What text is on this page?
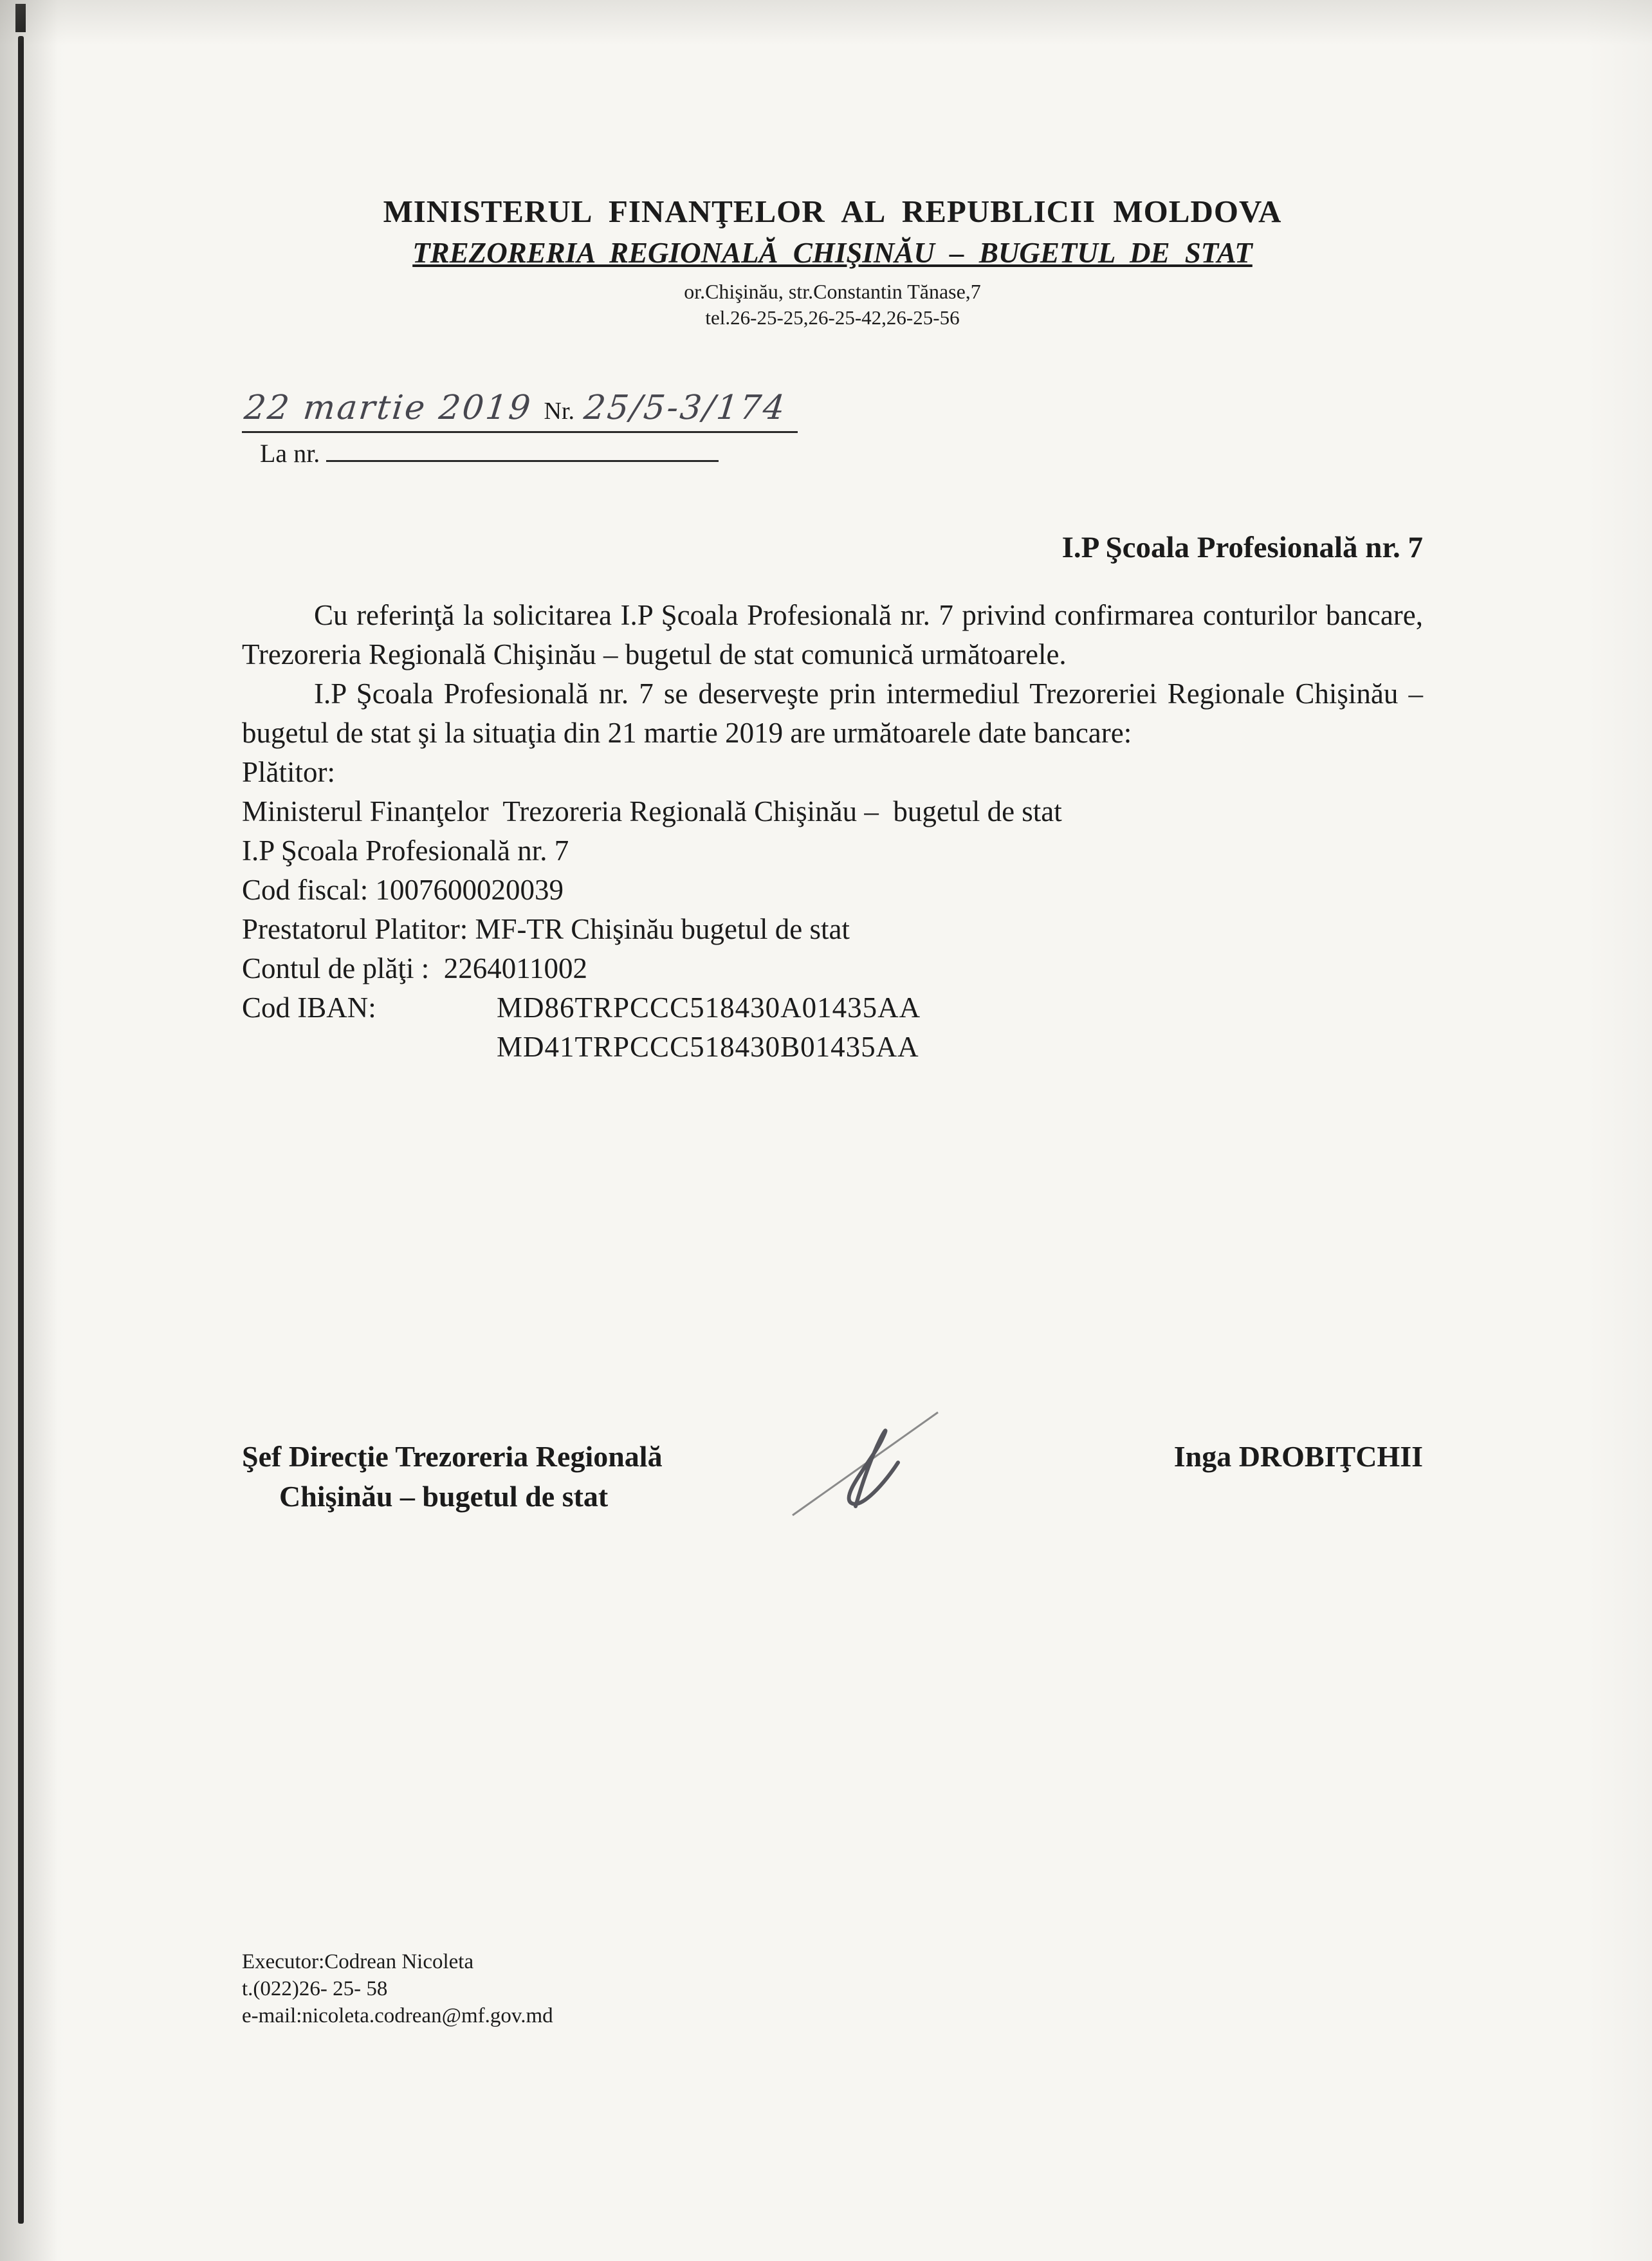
MINISTERUL FINANŢELOR AL REPUBLICII MOLDOVA
TREZORERIA REGIONALĂ CHIŞINĂU – BUGETUL DE STAT
or.Chişinău, str.Constantin Tănase,7
tel.26-25-25,26-25-42,26-25-56
22 martie 2019 Nr. 25/5-3/174
La nr.
I.P Şcoala Profesională nr. 7

Cu referinţă la solicitarea I.P Şcoala Profesională nr. 7 privind confirmarea conturilor bancare, Trezoreria Regională Chişinău – bugetul de stat comunică următoarele.

I.P Şcoala Profesională nr. 7 se deserveşte prin intermediul Trezoreriei Regionale Chişinău – bugetul de stat şi la situaţia din 21 martie 2019 are următoarele date bancare:

Plătitor:

Ministerul Finanţelor  Trezoreria Regională Chişinău –  bugetul de stat

I.P Şcoala Profesională nr. 7

Cod fiscal: 1007600020039

Prestatorul Platitor: MF-TR Chişinău bugetul de stat

Contul de plăţi :  2264011002

Cod IBAN:	MD86TRPCCC518430A01435AA
MD41TRPCCC518430B01435AA
Şef Direcţie Trezoreria Regională
Chişinău – bugetul de stat
Inga DROBIŢCHII
Executor:Codrean Nicoleta
t.(022)26- 25- 58
e-mail:nicoleta.codrean@mf.gov.md
